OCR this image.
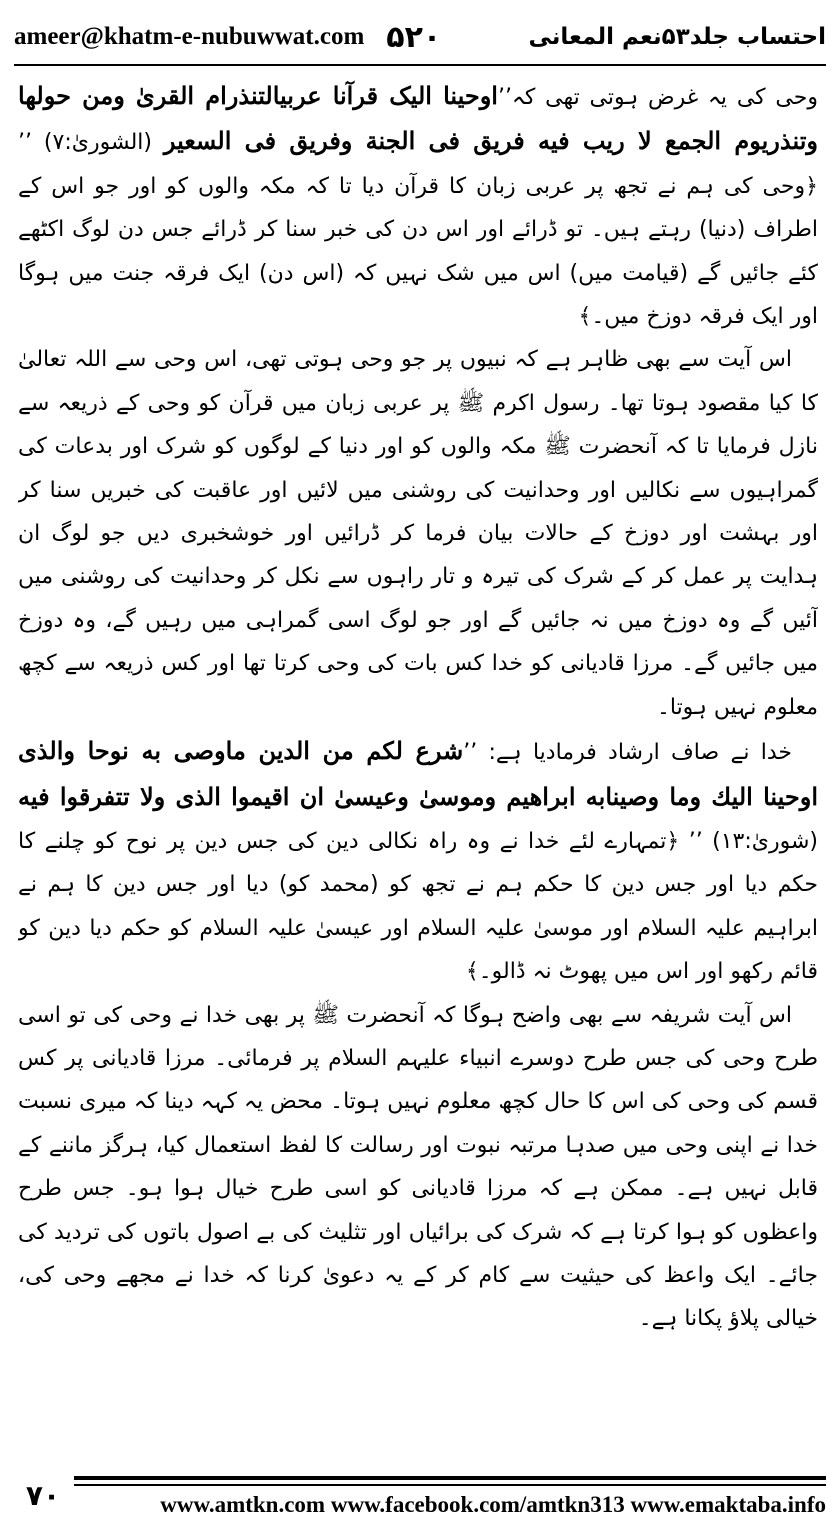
ameer@khatm-e-nubuwwat.com ۵۲۰	احتساب جلد۵۳نعم المعانی

وحی کی یہ غرض ہوتی تھی کہ’’اوحینا الیک قرآنا عربیالتنذرام القریٰ ومن حولها وتنذریوم الجمع لا ریب فیه فریق فی الجنة وفریق فی السعیر (الشوریٰ:۷) ’’ ﴿وحی کی ہم نے تجھ پر عربی زبان کا قرآن دیا تا کہ مکہ والوں کو اور جو اس کے اطراف (دنیا) رہتے ہیں۔ تو ڈرائے اور اس دن کی خبر سنا کر ڈرائے جس دن لوگ اکٹھے کئے جائیں گے (قیامت میں) اس میں شک نہیں کہ (اس دن) ایک فرقہ جنت میں ہوگا اور ایک فرقہ دوزخ میں۔﴾

اس آیت سے بھی ظاہر ہے کہ نبیوں پر جو وحی ہوتی تھی، اس وحی سے اللہ تعالیٰ کا کیا مقصود ہوتا تھا۔ رسول اکرم ﷺ پر عربی زبان میں قرآن کو وحی کے ذریعہ سے نازل فرمایا تا کہ آنحضرت ﷺ مکہ والوں کو اور دنیا کے لوگوں کو شرک اور بدعات کی گمراہیوں سے نکالیں اور وحدانیت کی روشنی میں لائیں اور عاقبت کی خبریں سنا کر اور بہشت اور دوزخ کے حالات بیان فرما کر ڈرائیں اور خوشخبری دیں جو لوگ ان ہدایت پر عمل کر کے شرک کی تیرہ و تار راہوں سے نکل کر وحدانیت کی روشنی میں آئیں گے وہ دوزخ میں نہ جائیں گے اور جو لوگ اسی گمراہی میں رہیں گے، وہ دوزخ میں جائیں گے۔ مرزا قادیانی کو خدا کس بات کی وحی کرتا تھا اور کس ذریعہ سے کچھ معلوم نہیں ہوتا۔

خدا نے صاف ارشاد فرمادیا ہے: ’’شرع لکم من الدین ماوصی به نوحا والذی اوحینا الیك وما وصینابه ابراهیم وموسیٰ وعیسیٰ ان اقیموا الذی ولا تتفرقوا فیه (شوریٰ:۱۳) ’’ ﴿تمہارے لئے خدا نے وہ راہ نکالی دین کی جس دین پر نوح کو چلنے کا حکم دیا اور جس دین کا حکم ہم نے تجھ کو (محمد کو) دیا اور جس دین کا ہم نے ابراہیم علیہ السلام اور موسیٰ علیہ السلام اور عیسیٰ علیہ السلام کو حکم دیا دین کو قائم رکھو اور اس میں پھوٹ نہ ڈالو۔﴾

اس آیت شریفہ سے بھی واضح ہوگا کہ آنحضرت ﷺ پر بھی خدا نے وحی کی تو اسی طرح وحی کی جس طرح دوسرے انبیاء علیہم السلام پر فرمائی۔ مرزا قادیانی پر کس قسم کی وحی کی اس کا حال کچھ معلوم نہیں ہوتا۔ محض یہ کہہ دینا کہ میری نسبت خدا نے اپنی وحی میں صدہا مرتبہ نبوت اور رسالت کا لفظ استعمال کیا، ہرگز ماننے کے قابل نہیں ہے۔ ممکن ہے کہ مرزا قادیانی کو اسی طرح خیال ہوا ہو۔ جس طرح واعظوں کو ہوا کرتا ہے کہ شرک کی برائیاں اور تثلیث کی بے اصول باتوں کی تردید کی جائے۔ ایک واعظ کی حیثیت سے کام کر کے یہ دعویٰ کرنا کہ خدا نے مجھے وحی کی، خیالی پلاؤ پکانا ہے۔

۷۰	www.amtkn.com www.facebook.com/amtkn313 www.emaktaba.info
